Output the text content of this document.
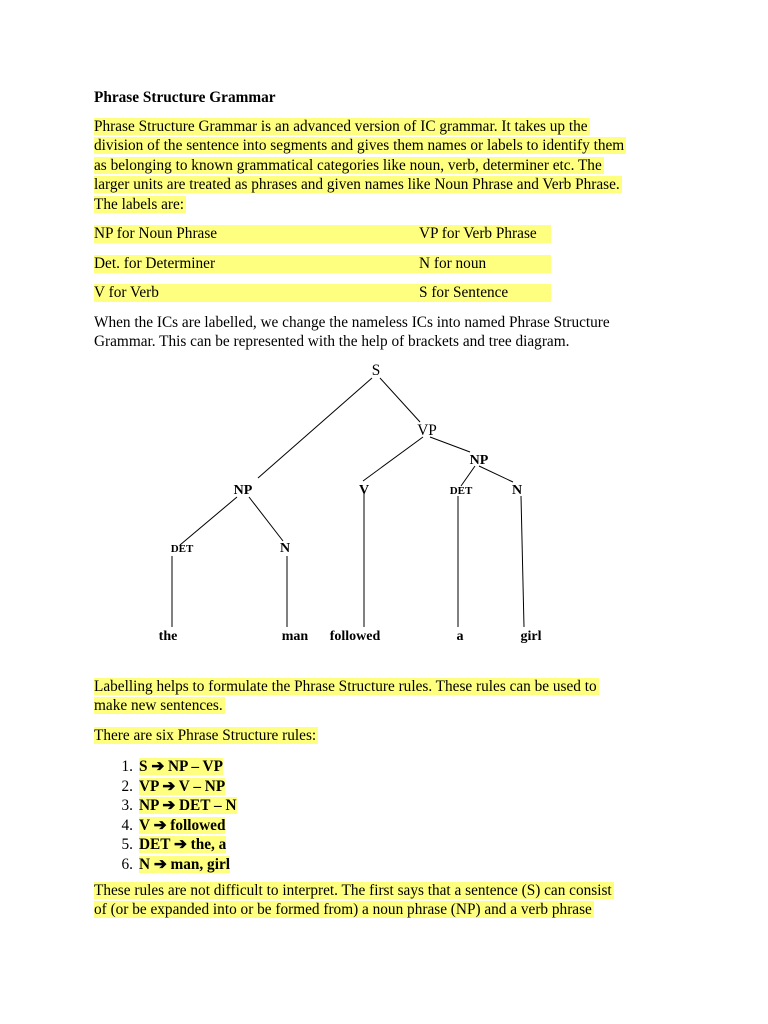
Phrase Structure Grammar
Phrase Structure Grammar is an advanced version of IC grammar. It takes up the
division of the sentence into segments and gives them names or labels to identify them
as belonging to known grammatical categories like noun, verb, determiner etc. The
larger units are treated as phrases and given names like Noun Phrase and Verb Phrase.
The labels are:
NP for Noun Phrase	VP for Verb Phrase
Det. for Determiner	N for noun
V for Verb	S for Sentence
When the ICs are labelled, we change the nameless ICs into named Phrase Structure
Grammar. This can be represented with the help of brackets and tree diagram.
S
VP
NP
NP	V	DET	N
DET	N
the	man followed	a	girl
Labelling helps to formulate the Phrase Structure rules. These rules can be used to
make new sentences.
There are six Phrase Structure rules:
1. S ➔ NP – VP
2. VP ➔ V – NP
3. NP ➔ DET – N
4. V ➔ followed
5. DET ➔ the, a
6. N ➔ man, girl
These rules are not difficult to interpret. The first says that a sentence (S) can consist
of (or be expanded into or be formed from) a noun phrase (NP) and a verb phrase
